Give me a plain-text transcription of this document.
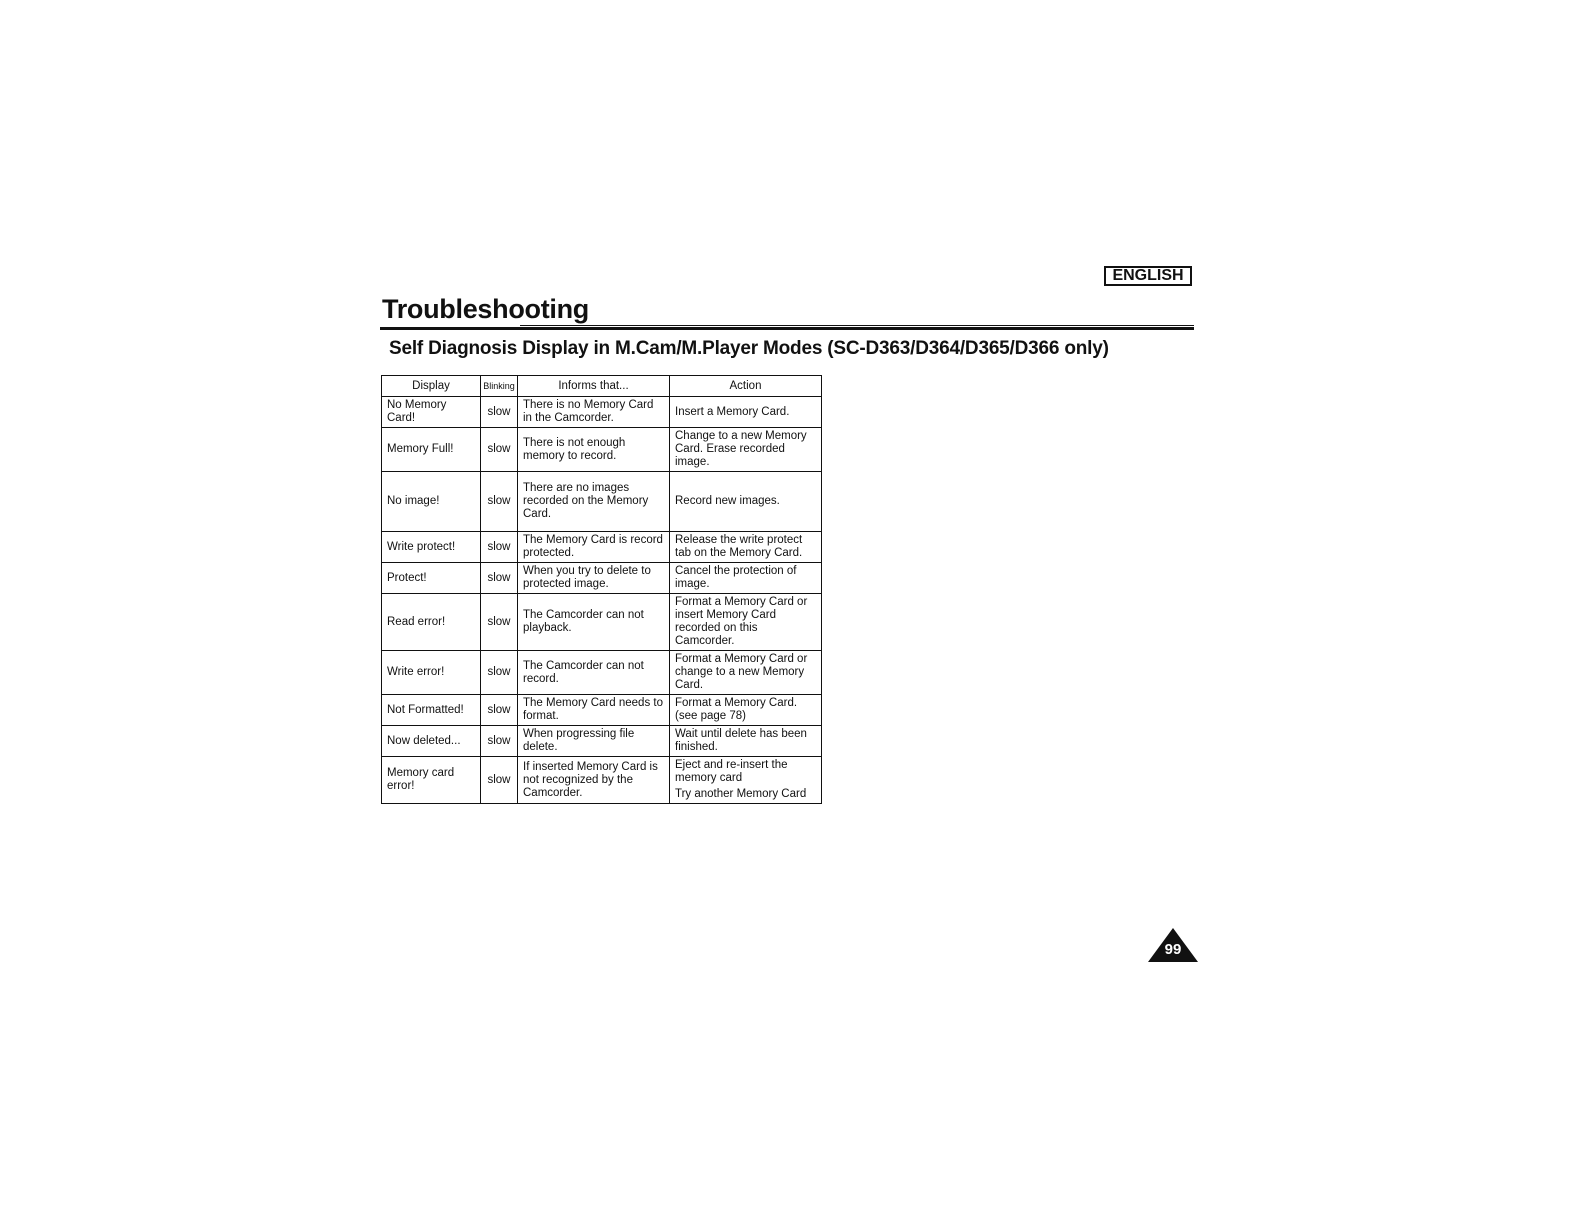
ENGLISH
Troubleshooting
Self Diagnosis Display in M.Cam/M.Player Modes (SC-D363/D364/D365/D366 only)
Display	Blinking	Informs that...	Action
No Memory Card!	slow	There is no Memory Card in the Camcorder.	Insert a Memory Card.
Memory Full!	slow	There is not enough memory to record.	Change to a new Memory Card. Erase recorded image.
No image!	slow	There are no images recorded on the Memory Card.	Record new images.
Write protect!	slow	The Memory Card is record protected.	Release the write protect tab on the Memory Card.
Protect!	slow	When you try to delete to protected image.	Cancel the protection of image.
Read error!	slow	The Camcorder can not playback.	Format a Memory Card or insert Memory Card recorded on this Camcorder.
Write error!	slow	The Camcorder can not record.	Format a Memory Card or change to a new Memory Card.
Not Formatted!	slow	The Memory Card needs to format.	Format a Memory Card. (see page 78)
Now deleted...	slow	When progressing file delete.	Wait until delete has been finished.
Memory card error!	slow	If inserted Memory Card is not recognized by the Camcorder.	Eject and re-insert the memory card
Try another Memory Card
99
